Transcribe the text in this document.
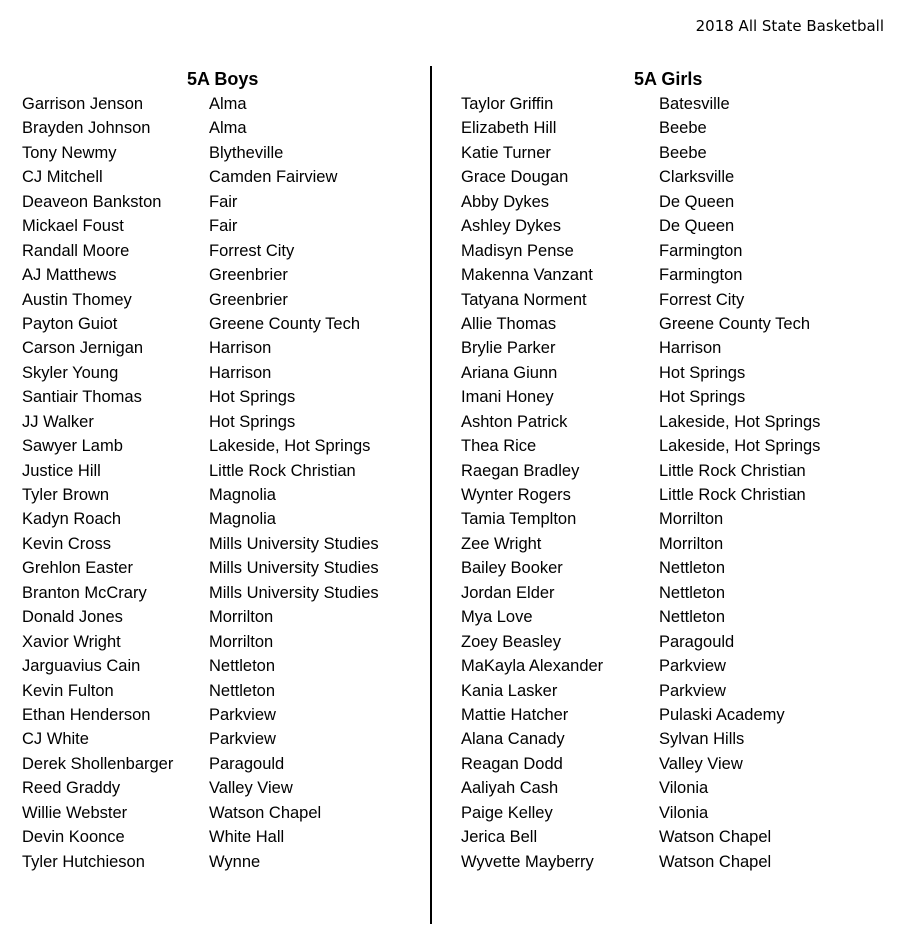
2018 All State Basketball
5A Boys
Garrison Jenson	Alma
Brayden Johnson	Alma
Tony Newmy	Blytheville
CJ Mitchell	Camden Fairview
Deaveon Bankston	Fair
Mickael Foust	Fair
Randall Moore	Forrest City
AJ Matthews	Greenbrier
Austin Thomey	Greenbrier
Payton Guiot	Greene County Tech
Carson Jernigan	Harrison
Skyler Young	Harrison
Santiair Thomas	Hot Springs
JJ Walker	Hot Springs
Sawyer Lamb	Lakeside, Hot Springs
Justice Hill	Little Rock Christian
Tyler Brown	Magnolia
Kadyn Roach	Magnolia
Kevin Cross	Mills University Studies
Grehlon Easter	Mills University Studies
Branton McCrary	Mills University Studies
Donald Jones	Morrilton
Xavior Wright	Morrilton
Jarguavius Cain	Nettleton
Kevin Fulton	Nettleton
Ethan Henderson	Parkview
CJ White	Parkview
Derek Shollenbarger	Paragould
Reed Graddy	Valley View
Willie Webster	Watson Chapel
Devin Koonce	White Hall
Tyler Hutchieson	Wynne
5A Girls
Taylor Griffin	Batesville
Elizabeth Hill	Beebe
Katie Turner	Beebe
Grace Dougan	Clarksville
Abby Dykes	De Queen
Ashley Dykes	De Queen
Madisyn Pense	Farmington
Makenna Vanzant	Farmington
Tatyana Norment	Forrest City
Allie Thomas	Greene County Tech
Brylie Parker	Harrison
Ariana Giunn	Hot Springs
Imani Honey	Hot Springs
Ashton Patrick	Lakeside, Hot Springs
Thea Rice	Lakeside, Hot Springs
Raegan Bradley	Little Rock Christian
Wynter Rogers	Little Rock Christian
Tamia Templton	Morrilton
Zee Wright	Morrilton
Bailey Booker	Nettleton
Jordan Elder	Nettleton
Mya Love	Nettleton
Zoey Beasley	Paragould
MaKayla Alexander	Parkview
Kania Lasker	Parkview
Mattie Hatcher	Pulaski Academy
Alana Canady	Sylvan Hills
Reagan Dodd	Valley View
Aaliyah Cash	Vilonia
Paige Kelley	Vilonia
Jerica Bell	Watson Chapel
Wyvette Mayberry	Watson Chapel
